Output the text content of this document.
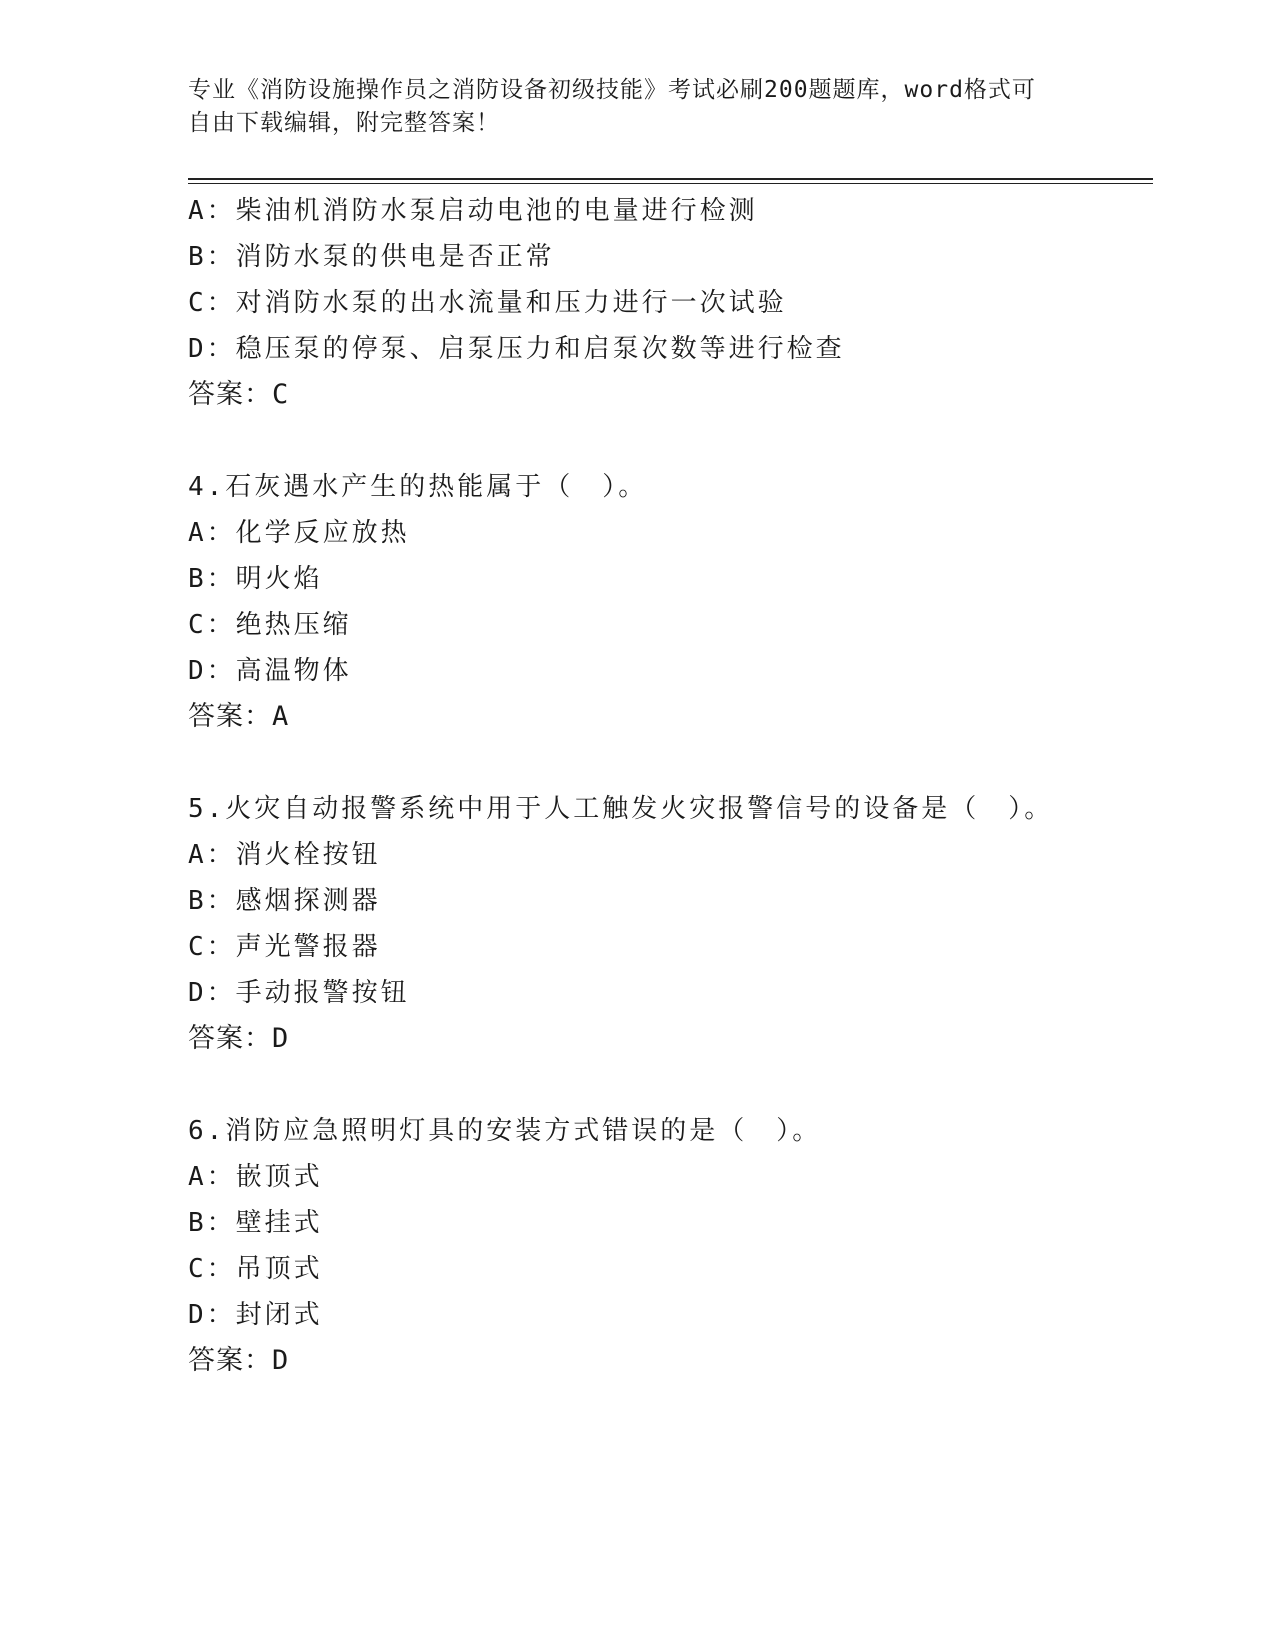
专业《消防设施操作员之消防设备初级技能》考试必刷200题题库，word格式可
自由下载编辑，附完整答案！
A：柴油机消防水泵启动电池的电量进行检测
B：消防水泵的供电是否正常
C：对消防水泵的出水流量和压力进行一次试验
D：稳压泵的停泵、启泵压力和启泵次数等进行检查
答案：C
4.石灰遇水产生的热能属于（　）。
A：化学反应放热
B：明火焰
C：绝热压缩
D：高温物体
答案：A
5.火灾自动报警系统中用于人工触发火灾报警信号的设备是（　）。
A：消火栓按钮
B：感烟探测器
C：声光警报器
D：手动报警按钮
答案：D
6.消防应急照明灯具的安装方式错误的是（　）。
A：嵌顶式
B：壁挂式
C：吊顶式
D：封闭式
答案：D
